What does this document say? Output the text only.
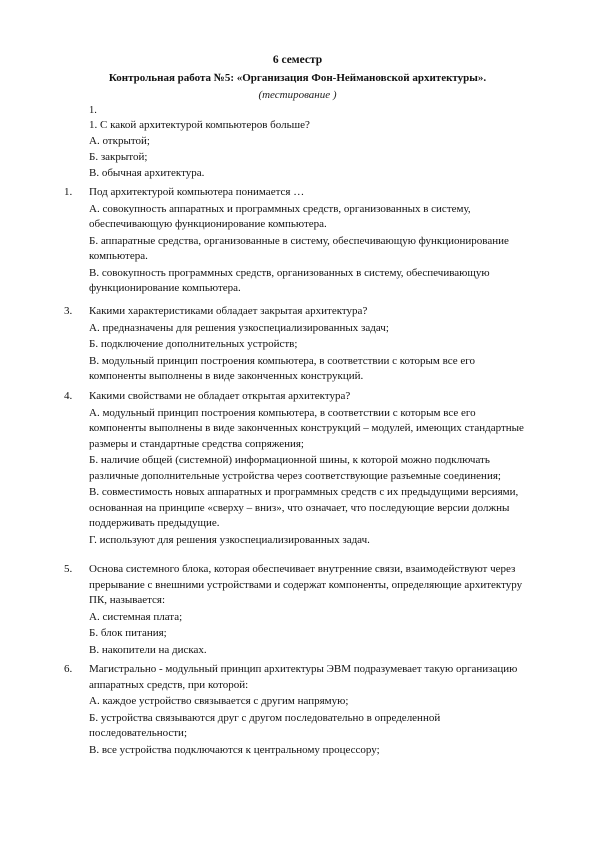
6 семестр
Контрольная работа №5: «Организация Фон-Неймановской архитектуры».
(тестирование )
1.
1. С какой архитектурой компьютеров больше?
А. открытой;
Б. закрытой;
В. обычная архитектура.
1.	Под архитектурой компьютера понимается …
А. совокупность аппаратных и программных средств, организованных в систему, обеспечивающую функционирование компьютера.
Б. аппаратные средства, организованные в систему, обеспечивающую функционирование компьютера.
В. совокупность программных средств, организованных в систему, обеспечивающую функционирование компьютера.
3.	Какими характеристиками обладает закрытая архитектура?
А. предназначены для решения узкоспециализированных задач;
Б. подключение дополнительных устройств;
В. модульный принцип построения компьютера, в соответствии с которым все его компоненты выполнены в виде законченных конструкций.
4.	Какими свойствами не обладает открытая архитектура?
А. модульный принцип построения компьютера, в соответствии с которым все его компоненты выполнены в виде законченных конструкций – модулей, имеющих стандартные размеры и стандартные средства сопряжения;
Б. наличие общей (системной) информационной шины, к которой можно подключать различные дополнительные устройства через соответствующие разъемные соединения;
В. совместимость новых аппаратных и программных средств с их предыдущими версиями, основанная на принципе «сверху – вниз», что означает, что последующие версии должны поддерживать предыдущие.
Г. используют для решения узкоспециализированных задач.
5.	Основа системного блока, которая обеспечивает внутренние связи, взаимодействуют через прерывание с внешними устройствами и содержат компоненты, определяющие архитектуру ПК, называется:
А. системная плата;
Б. блок питания;
В. накопители на дисках.
6.	Магистрально - модульный принцип архитектуры ЭВМ подразумевает такую организацию аппаратных средств, при которой:
А. каждое устройство связывается с другим напрямую;
Б. устройства связываются друг с другом последовательно в определенной последовательности;
В. все устройства подключаются к центральному процессору;
